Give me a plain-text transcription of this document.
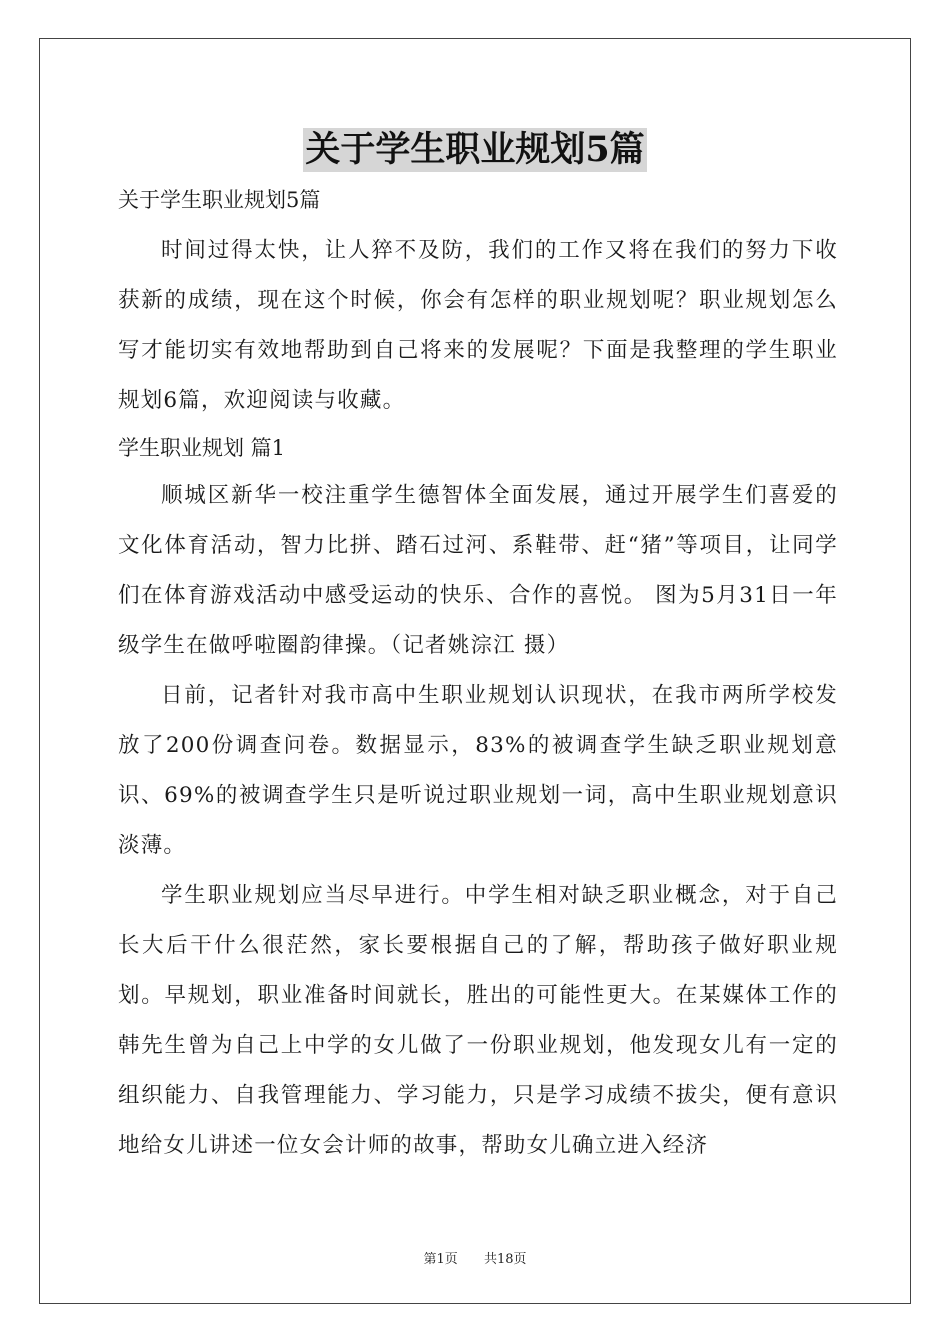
关于学生职业规划5篇

关于学生职业规划5篇

时间过得太快，让人猝不及防，我们的工作又将在我们的努力下收获新的成绩，现在这个时候，你会有怎样的职业规划呢？职业规划怎么写才能切实有效地帮助到自己将来的发展呢？下面是我整理的学生职业规划6篇，欢迎阅读与收藏。

学生职业规划 篇1

顺城区新华一校注重学生德智体全面发展，通过开展学生们喜爱的文化体育活动，智力比拼、踏石过河、系鞋带、赶“猪”等项目，让同学们在体育游戏活动中感受运动的快乐、合作的喜悦。 图为5月31日一年级学生在做呼啦圈韵律操。（记者姚淙江 摄）

日前，记者针对我市高中生职业规划认识现状，在我市两所学校发放了200份调查问卷。数据显示，83%的被调查学生缺乏职业规划意识、69%的被调查学生只是听说过职业规划一词，高中生职业规划意识淡薄。

学生职业规划应当尽早进行。中学生相对缺乏职业概念，对于自己长大后干什么很茫然，家长要根据自己的了解，帮助孩子做好职业规划。早规划，职业准备时间就长，胜出的可能性更大。在某媒体工作的韩先生曾为自己上中学的女儿做了一份职业规划，他发现女儿有一定的组织能力、自我管理能力、学习能力，只是学习成绩不拔尖，便有意识地给女儿讲述一位女会计师的故事，帮助女儿确立进入经济

第1页 共18页
